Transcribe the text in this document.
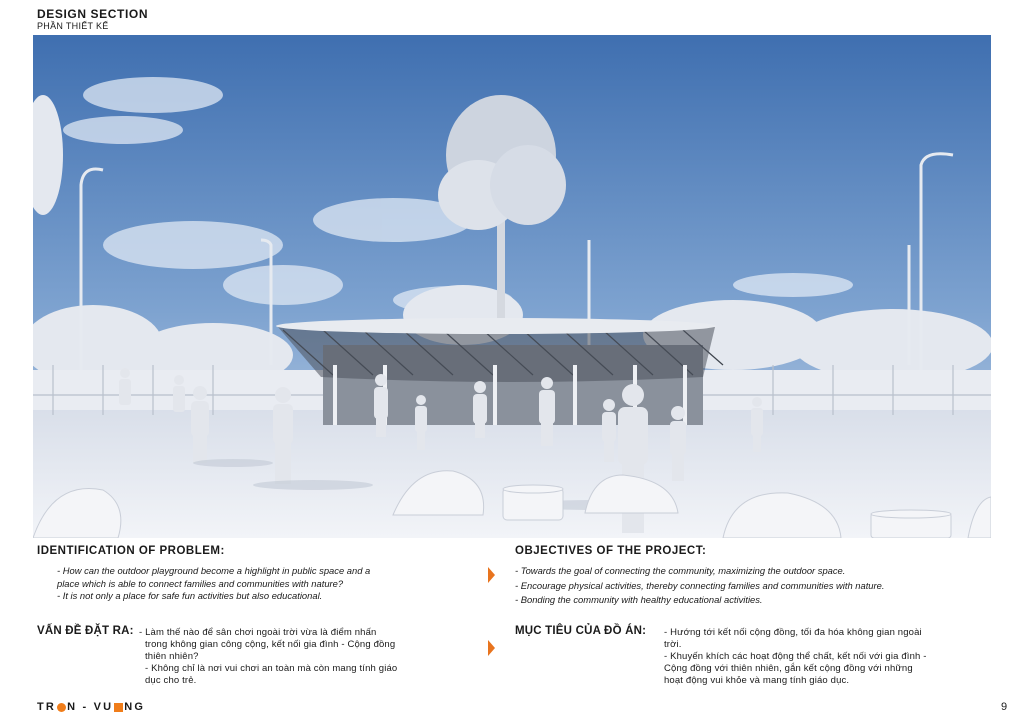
DESIGN SECTION
PHẦN THIẾT KẾ
IDENTIFICATION OF PROBLEM:
- How can the outdoor playground become a highlight in public space and a
place which is able to connect families and communities with nature?
- It is not only a place for safe fun activities but also educational.
VẤN ĐỀ ĐẶT RA: - Làm thế nào để sân chơi ngoài trời vừa là điểm nhấn

trong không gian công cộng, kết nối gia đình - Cộng đồng

thiên nhiên?

- Không chỉ là nơi vui chơi an toàn mà còn mang tính giáo

dục cho trẻ.

OBJECTIVES OF THE PROJECT:
- Towards the goal of connecting the community, maximizing the outdoor space.
- Encourage physical activities, thereby connecting families and communities with nature.
- Bonding the community with healthy educational activities.
MỤC TIÊU CỦA ĐỒ ÁN: - Hướng tới kết nối cộng đồng, tối đa hóa không gian ngoài

trời.

- Khuyến khích các hoạt động thể chất, kết nối với gia đình -

Cộng đồng với thiên nhiên, gắn kết cộng đồng với những

hoạt động vui khỏe và mang tính giáo dục.

TR N - VU NG	9
